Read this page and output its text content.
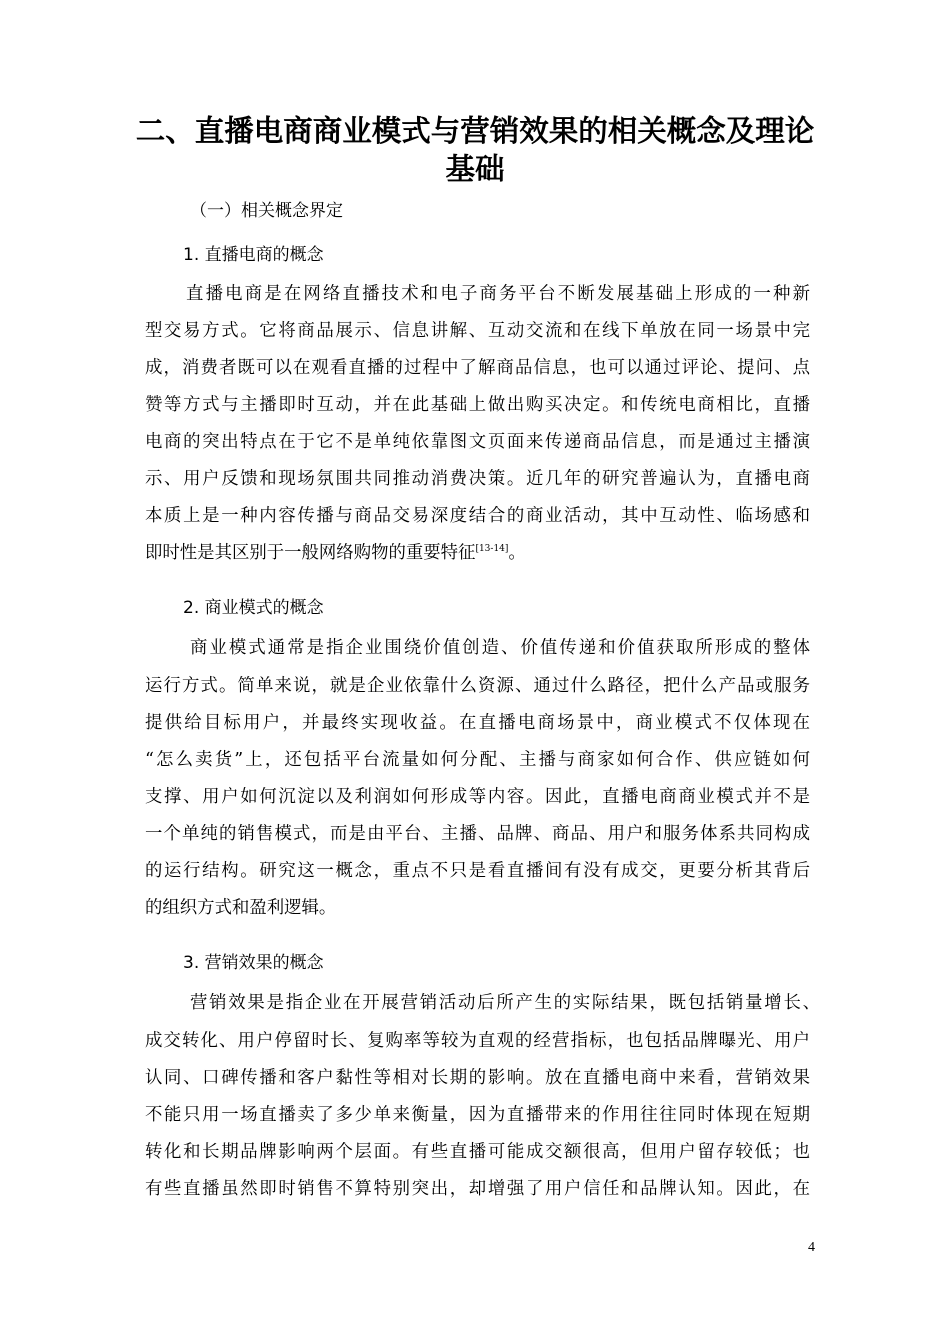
二、直播电商商业模式与营销效果的相关概念及理论
基础
（一）相关概念界定
1. 直播电商的概念
直播电商是在网络直播技术和电子商务平台不断发展基础上形成的一种新
型交易方式。它将商品展示、信息讲解、互动交流和在线下单放在同一场景中完
成，消费者既可以在观看直播的过程中了解商品信息，也可以通过评论、提问、点
赞等方式与主播即时互动，并在此基础上做出购买决定。和传统电商相比，直播
电商的突出特点在于它不是单纯依靠图文页面来传递商品信息，而是通过主播演
示、用户反馈和现场氛围共同推动消费决策。近几年的研究普遍认为，直播电商
本质上是一种内容传播与商品交易深度结合的商业活动，其中互动性、临场感和
即时性是其区别于一般网络购物的重要特征[13-14]。
2. 商业模式的概念
商业模式通常是指企业围绕价值创造、价值传递和价值获取所形成的整体
运行方式。简单来说，就是企业依靠什么资源、通过什么路径，把什么产品或服务
提供给目标用户，并最终实现收益。在直播电商场景中，商业模式不仅体现在
“怎么卖货”上，还包括平台流量如何分配、主播与商家如何合作、供应链如何
支撑、用户如何沉淀以及利润如何形成等内容。因此，直播电商商业模式并不是
一个单纯的销售模式，而是由平台、主播、品牌、商品、用户和服务体系共同构成
的运行结构。研究这一概念，重点不只是看直播间有没有成交，更要分析其背后
的组织方式和盈利逻辑。
3. 营销效果的概念
营销效果是指企业在开展营销活动后所产生的实际结果，既包括销量增长、
成交转化、用户停留时长、复购率等较为直观的经营指标，也包括品牌曝光、用户
认同、口碑传播和客户黏性等相对长期的影响。放在直播电商中来看，营销效果
不能只用一场直播卖了多少单来衡量，因为直播带来的作用往往同时体现在短期
转化和长期品牌影响两个层面。有些直播可能成交额很高，但用户留存较低；也
有些直播虽然即时销售不算特别突出，却增强了用户信任和品牌认知。因此，在
4
